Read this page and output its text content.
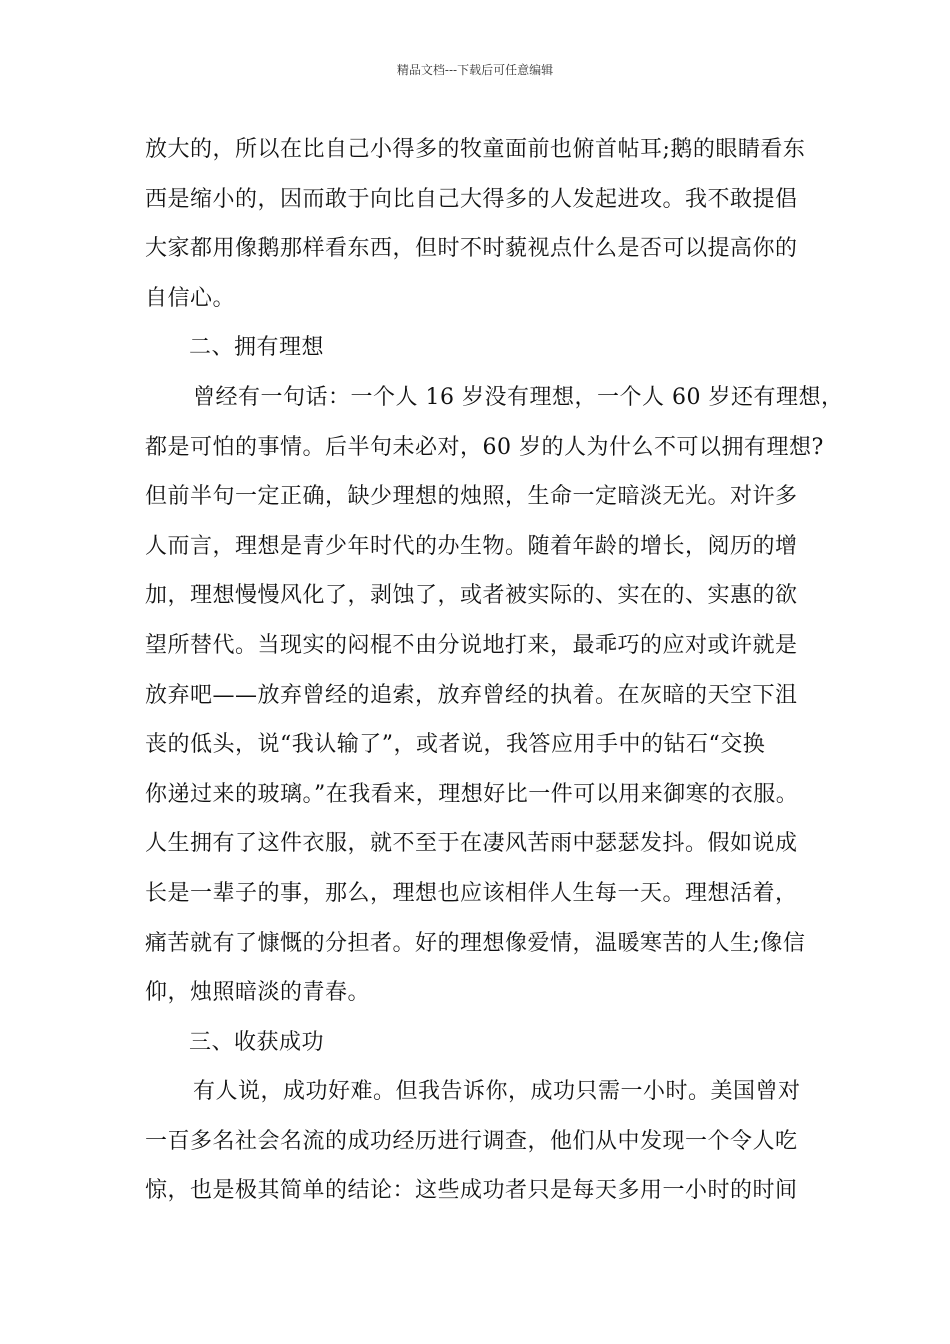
精品文档---下载后可任意编辑
放大的，所以在比自己小得多的牧童面前也俯首帖耳;鹅的眼睛看东
西是缩小的，因而敢于向比自己大得多的人发起进攻。我不敢提倡
大家都用像鹅那样看东西，但时不时藐视点什么是否可以提高你的
自信心。
二、拥有理想
曾经有一句话：一个人 16 岁没有理想，一个人 60 岁还有理想，
都是可怕的事情。后半句未必对，60 岁的人为什么不可以拥有理想?
但前半句一定正确，缺少理想的烛照，生命一定暗淡无光。对许多
人而言，理想是青少年时代的办生物。随着年龄的增长，阅历的增
加，理想慢慢风化了，剥蚀了，或者被实际的、实在的、实惠的欲
望所替代。当现实的闷棍不由分说地打来，最乖巧的应对或许就是
放弃吧——放弃曾经的追索，放弃曾经的执着。在灰暗的天空下沮
丧的低头，说“我认输了”，或者说，我答应用手中的钻石“交换
你递过来的玻璃。”在我看来，理想好比一件可以用来御寒的衣服。
人生拥有了这件衣服，就不至于在凄风苦雨中瑟瑟发抖。假如说成
长是一辈子的事，那么，理想也应该相伴人生每一天。理想活着，
痛苦就有了慷慨的分担者。好的理想像爱情，温暖寒苦的人生;像信
仰，烛照暗淡的青春。
三、收获成功
有人说，成功好难。但我告诉你，成功只需一小时。美国曾对
一百多名社会名流的成功经历进行调查，他们从中发现一个令人吃
惊，也是极其简单的结论：这些成功者只是每天多用一小时的时间
